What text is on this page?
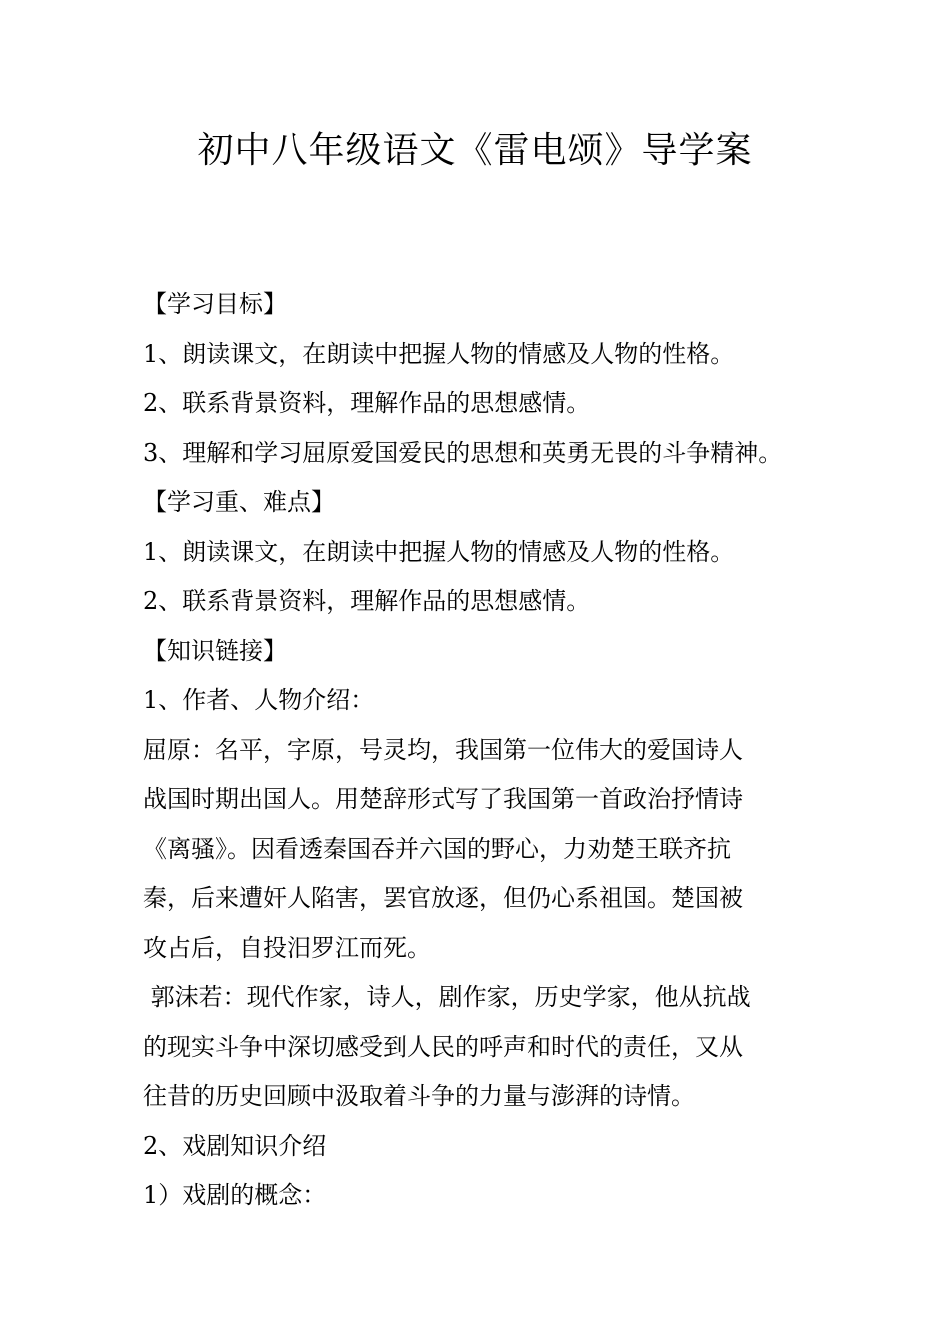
初中八年级语文《雷电颂》导学案
【学习目标】
1、朗读课文，在朗读中把握人物的情感及人物的性格。
2、联系背景资料，理解作品的思想感情。
3、理解和学习屈原爱国爱民的思想和英勇无畏的斗争精神。
【学习重、难点】
1、朗读课文，在朗读中把握人物的情感及人物的性格。
2、联系背景资料，理解作品的思想感情。
【知识链接】
1、作者、人物介绍：
屈原：名平，字原，号灵均，我国第一位伟大的爱国诗人
战国时期出国人。用楚辞形式写了我国第一首政治抒情诗
《离骚》。因看透秦国吞并六国的野心，力劝楚王联齐抗
秦，后来遭奸人陷害，罢官放逐，但仍心系祖国。楚国被
攻占后，自投汨罗江而死。
郭沫若：现代作家，诗人，剧作家，历史学家，他从抗战
的现实斗争中深切感受到人民的呼声和时代的责任，又从
往昔的历史回顾中汲取着斗争的力量与澎湃的诗情。
2、戏剧知识介绍
1）戏剧的概念：
